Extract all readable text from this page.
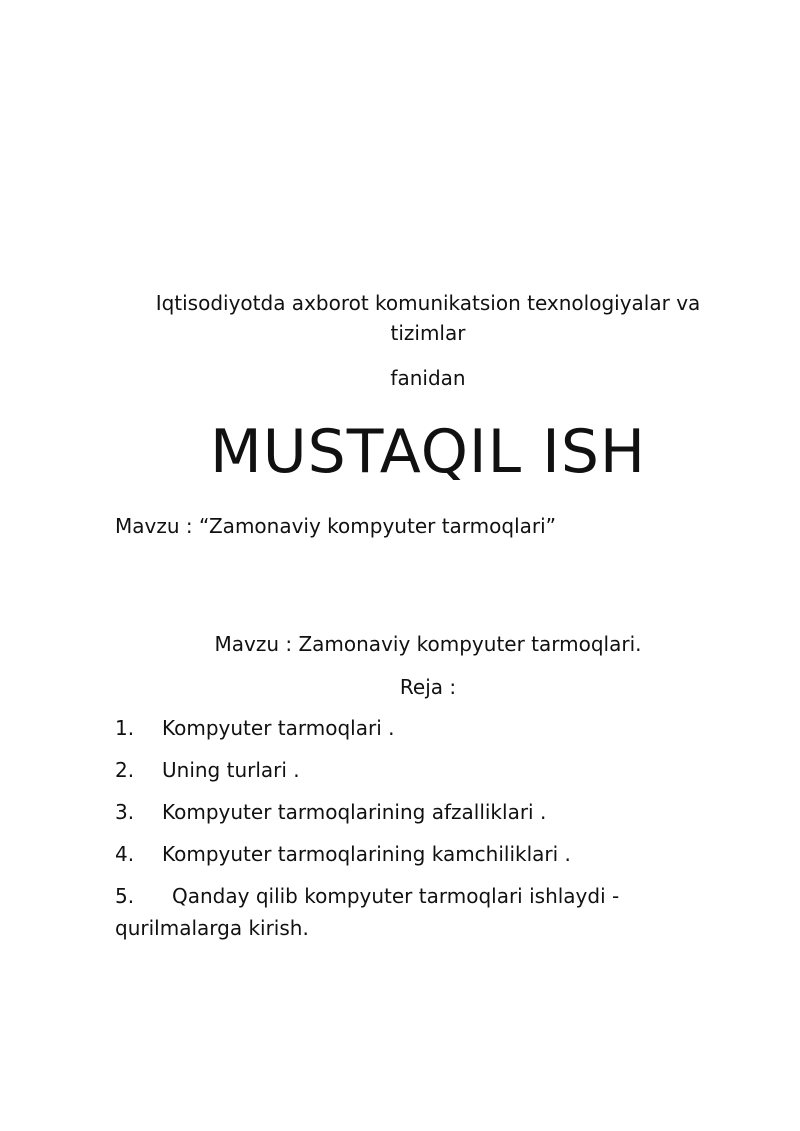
Iqtisodiyotda axborot komunikatsion texnologiyalar va tizimlar
fanidan
MUSTAQIL ISH
Mavzu : “Zamonaviy kompyuter tarmoqlari”
Mavzu : Zamonaviy kompyuter tarmoqlari.
Reja :
1. Kompyuter tarmoqlari .
2. Uning turlari .
3. Kompyuter tarmoqlarining afzalliklari .
4. Kompyuter tarmoqlarining kamchiliklari .
5. Qanday qilib kompyuter tarmoqlari ishlaydi - qurilmalarga kirish.
